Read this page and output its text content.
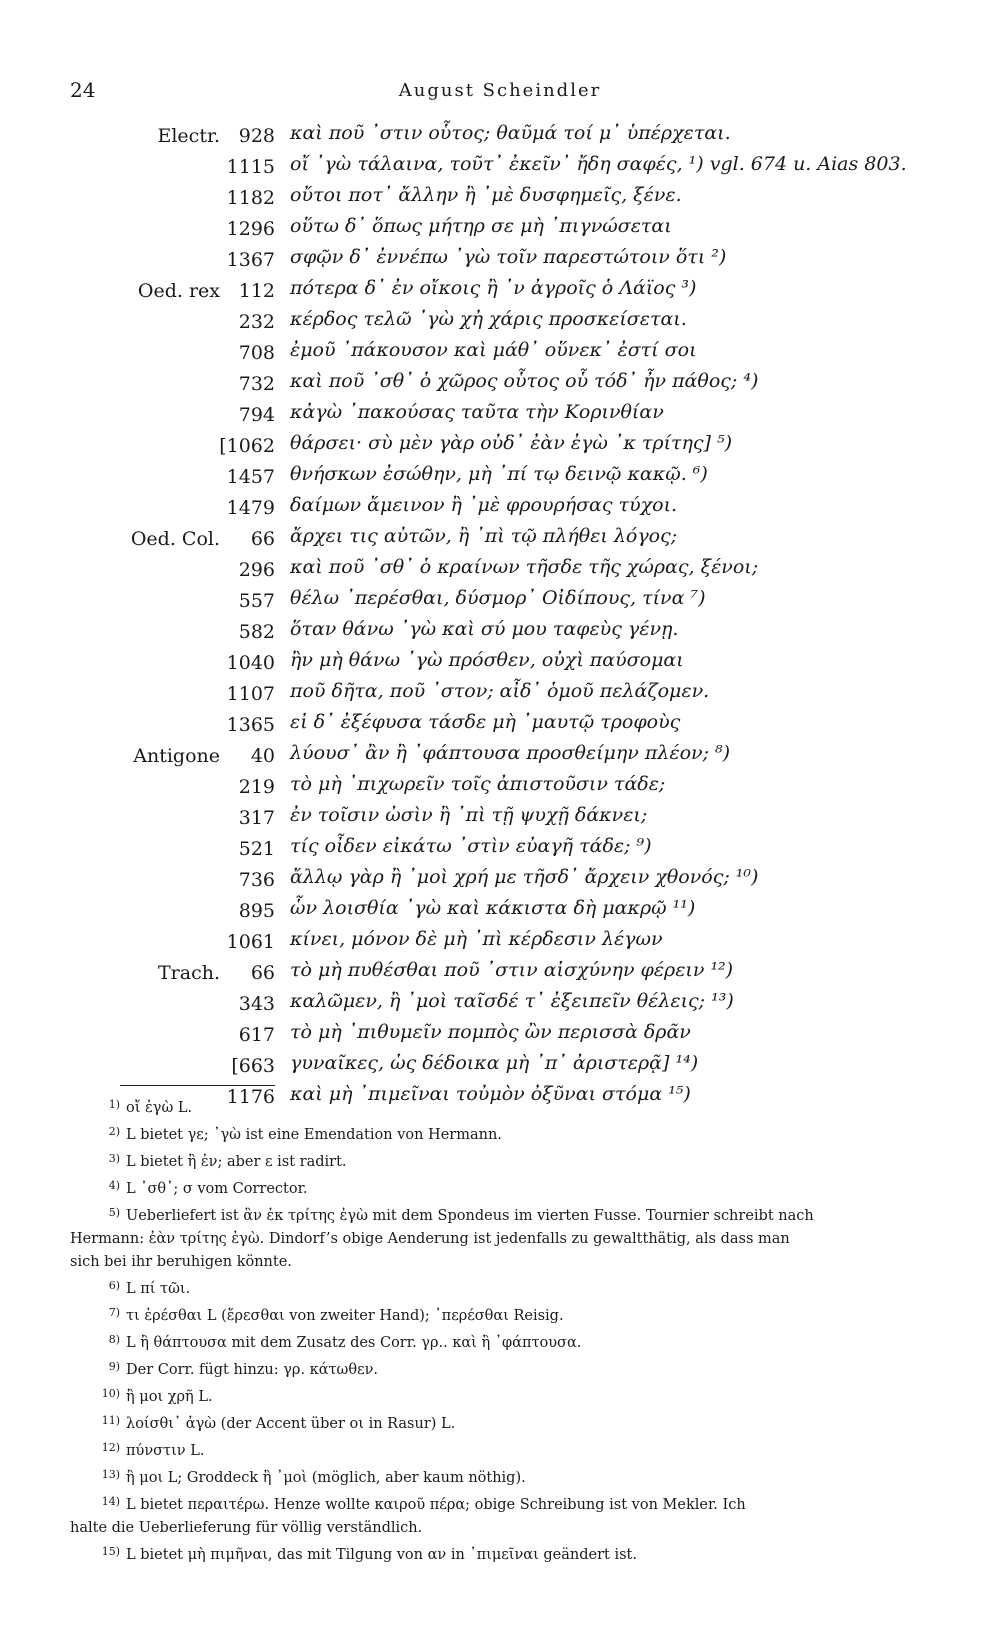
24	August Scheindler
Electr. 928 καὶ ποῦ ᾿στιν οὗτος; θαῦμά τοί μ᾿ ὑπέρχεται.
1115 οἴ ᾿γὼ τάλαινα, τοῦτ᾿ ἐκεῖν᾿ ἤδη σαφές, ¹) vgl. 674 u. Aias 803.
1182 οὔτοι ποτ᾿ ἄλλην ἢ ᾿μὲ δυσφημεῖς, ξένε.
1296 οὕτω δ᾿ ὅπως μήτηρ σε μὴ ᾿πιγνώσεται
1367 σφῷν δ᾿ ἐννέπω ᾿γὼ τοῖν παρεστώτοιν ὅτι ²)
Oed. rex 112 πότερα δ᾿ ἐν οἴκοις ἢ ᾿ν ἀγροῖς ὁ Λάϊος ³)
232 κέρδος τελῶ ᾿γὼ χἠ χάρις προσκείσεται.
708 ἐμοῦ ᾿πάκουσον καὶ μάθ᾿ οὕνεκ᾿ ἐστί σοι
732 καὶ ποῦ ᾿σθ᾿ ὁ χῶρος οὗτος οὗ τόδ᾿ ἦν πάθος; ⁴)
794 κἀγὼ ᾿πακούσας ταῦτα τὴν Κορινθίαν
[1062 θάρσει· σὺ μὲν γὰρ οὐδ᾿ ἐὰν ἐγὼ ᾿κ τρίτης] ⁵)
1457 θνήσκων ἐσώθην, μὴ ᾿πί τῳ δεινῷ κακῷ. ⁶)
1479 δαίμων ἄμεινον ἢ ᾿μὲ φρουρήσας τύχοι.
Oed. Col.	66 ἄρχει τις αὐτῶν, ἢ ᾿πὶ τῷ πλήθει λόγος;
296 καὶ ποῦ ᾿σθ᾿ ὁ κραίνων τῆσδε τῆς χώρας, ξένοι;
557 θέλω ᾿περέσθαι, δύσμορ᾿ Οἰδίπους, τίνα ⁷)
582 ὅταν θάνω ᾿γὼ καὶ σύ μου ταφεὺς γένῃ.
1040 ἢν μὴ θάνω ᾿γὼ πρόσθεν, οὐχὶ παύσομαι
1107 ποῦ δῆτα, ποῦ ᾿στον; αἶδ᾿ ὁμοῦ πελάζομεν.
1365 εἰ δ᾿ ἐξέφυσα τάσδε μὴ ᾿μαυτῷ τροφοὺς
Antigone	40 λύουσ᾿ ἂν ἢ ᾿φάπτουσα προσθείμην πλέον; ⁸)
219 τὸ μὴ ᾿πιχωρεῖν τοῖς ἀπιστοῦσιν τάδε;
317 ἐν τοῖσιν ὠσὶν ἢ ᾿πὶ τῇ ψυχῇ δάκνει;
521 τίς οἶδεν εἰκάτω ᾿στὶν εὐαγῆ τάδε; ⁹)
736 ἄλλῳ γὰρ ἢ ᾿μοὶ χρή με τῆσδ᾿ ἄρχειν χθονός; ¹⁰)
895 ὧν λοισθία ᾿γὼ καὶ κάκιστα δὴ μακρῷ ¹¹)
1061 κίνει, μόνον δὲ μὴ ᾿πὶ κέρδεσιν λέγων
Trach.	66 τὸ μὴ πυθέσθαι ποῦ ᾿στιν αἰσχύνην φέρειν ¹²)
343 καλῶμεν, ἢ ᾿μοὶ ταῖσδέ τ᾿ ἐξειπεῖν θέλεις; ¹³)
617 τὸ μὴ ᾿πιθυμεῖν πομπὸς ὢν περισσὰ δρᾶν
[663 γυναῖκες, ὡς δέδοικα μὴ ᾿π᾿ ἀριστερᾷ] ¹⁴)
1176 καὶ μὴ ᾿πιμεῖναι τοὐμὸν ὀξῦναι στόμα ¹⁵)
1) οἴ ἐγὼ L.
2) L bietet γε; ᾿γὼ ist eine Emendation von Hermann.
3) L bietet ἢ ἐν; aber ε ist radirt.
4) L ᾿σθ᾿; σ vom Corrector.
5) Ueberliefert ist ἂν ἐκ τρίτης ἐγὼ mit dem Spondeus im vierten Fusse. Tournier schreibt nach
Hermann: ἐὰν τρίτης ἐγὼ. Dindorf’s obige Aenderung ist jedenfalls zu gewaltthätig, als dass man
sich bei ihr beruhigen könnte.
6) L πί τῶι.
7) τι ἐρέσθαι L (ἔρεσθαι von zweiter Hand); ᾿περέσθαι Reisig.
8) L ἢ θάπτουσα mit dem Zusatz des Corr. γρ.. καὶ ἢ ᾿φάπτουσα.
9) Der Corr. fügt hinzu: γρ. κάτωθεν.
10) ἢ μοι χρῆ L.
11) λοίσθι᾿ ἀγὼ (der Accent über οι in Rasur) L.
12) πύνστιν L.
13) ἢ μοι L; Groddeck ἢ ᾿μοὶ (möglich, aber kaum nöthig).
14) L bietet περαιτέρω. Henze wollte καιροῦ πέρα; obige Schreibung ist von Mekler. Ich
halte die Ueberlieferung für völlig verständlich.
15) L bietet μὴ πιμῆναι, das mit Tilgung von αν in ᾿πιμεῖναι geändert ist.
